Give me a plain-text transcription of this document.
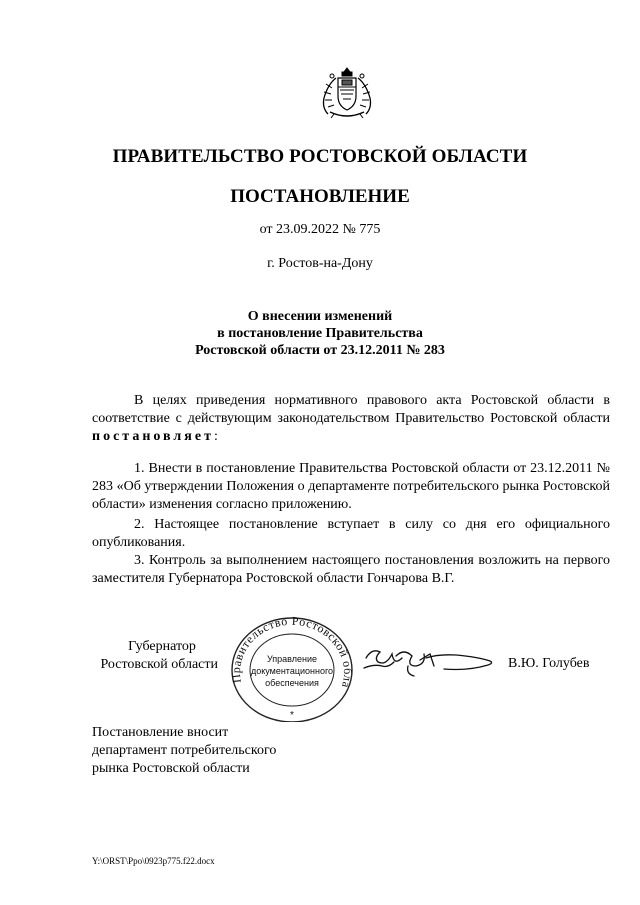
ПРАВИТЕЛЬСТВО РОСТОВСКОЙ ОБЛАСТИ
ПОСТАНОВЛЕНИЕ
от 23.09.2022 № 775
г. Ростов-на-Дону
О внесении изменений
в постановление Правительства
Ростовской области от 23.12.2011 № 283
В целях приведения нормативного правового акта Ростовской области в соответствие с действующим законодательством Правительство Ростовской области постановляет:
1. Внести в постановление Правительства Ростовской области от 23.12.2011 № 283 «Об утверждении Положения о департаменте потребительского рынка Ростовской области» изменения согласно приложению.
2. Настоящее постановление вступает в силу со дня его официального опубликования.
3. Контроль за выполнением настоящего постановления возложить на первого заместителя Губернатора Ростовской области Гончарова В.Г.
Губернатор
Ростовской области
Правительство Ростовской обла
Управление
документационного
обеспечения
*
В.Ю. Голубев
Постановление вносит
департамент потребительского
рынка Ростовской области
Y:\ORST\Ppo\0923p775.f22.docx
